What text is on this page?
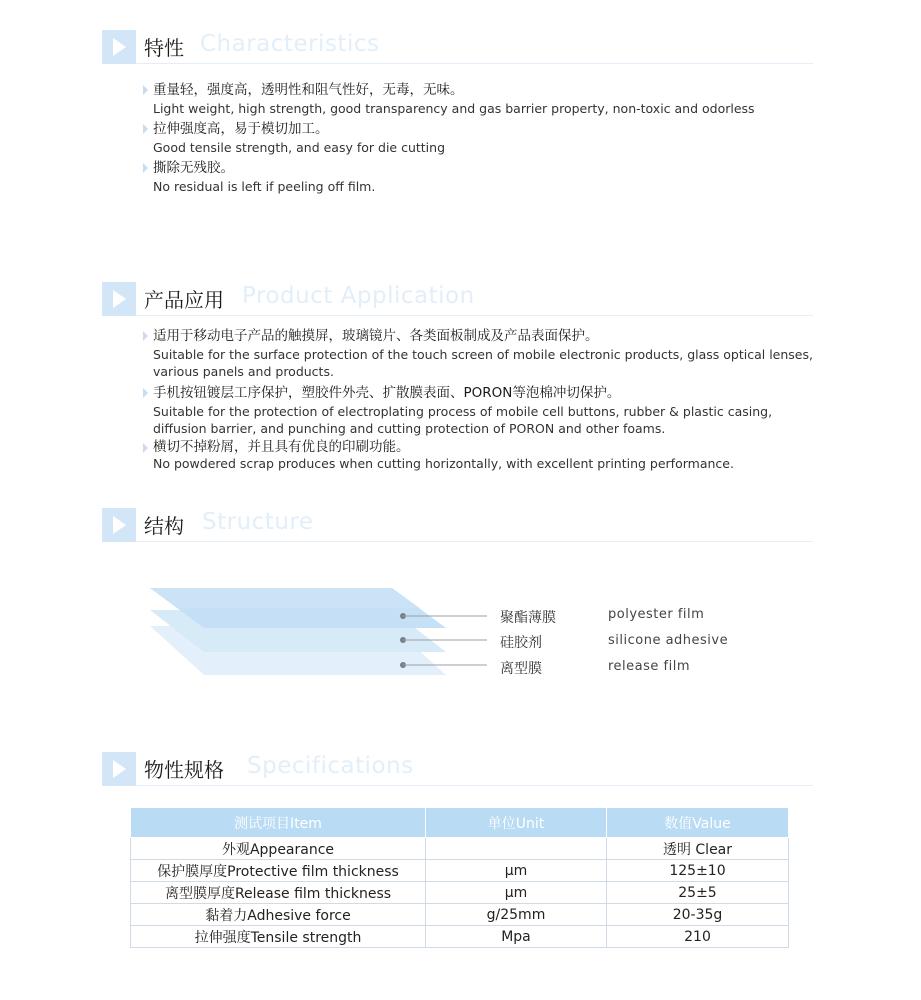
特性 Characteristics
重量轻，强度高，透明性和阻气性好，无毒，无味。
Light weight, high strength, good transparency and gas barrier property, non-toxic and odorless
拉伸强度高，易于模切加工。
Good tensile strength, and easy for die cutting
撕除无残胶。
No residual is left if peeling off film.
产品应用 Product Application
适用于移动电子产品的触摸屏，玻璃镜片、各类面板制成及产品表面保护。
Suitable for the surface protection of the touch screen of mobile electronic products, glass optical lenses, various panels and products.
手机按钮镀层工序保护，塑胶件外壳、扩散膜表面、PORON等泡棉冲切保护。
Suitable for the protection of electroplating process of mobile cell buttons, rubber & plastic casing, diffusion barrier, and punching and cutting protection of PORON and other foams.
横切不掉粉屑，并且具有优良的印刷功能。
No powdered scrap produces when cutting horizontally, with excellent printing performance.
结构 Structure
聚酯薄膜	polyester film
硅胶剂	silicone adhesive
离型膜	release film
物性规格 Specifications
测试项目Item	单位Unit	数值Value
外观Appearance		透明 Clear
保护膜厚度Protective film thickness	μm	125±10
离型膜厚度Release film thickness	μm	25±5
黏着力Adhesive force	g/25mm	20-35g
拉伸强度Tensile strength	Mpa	210
